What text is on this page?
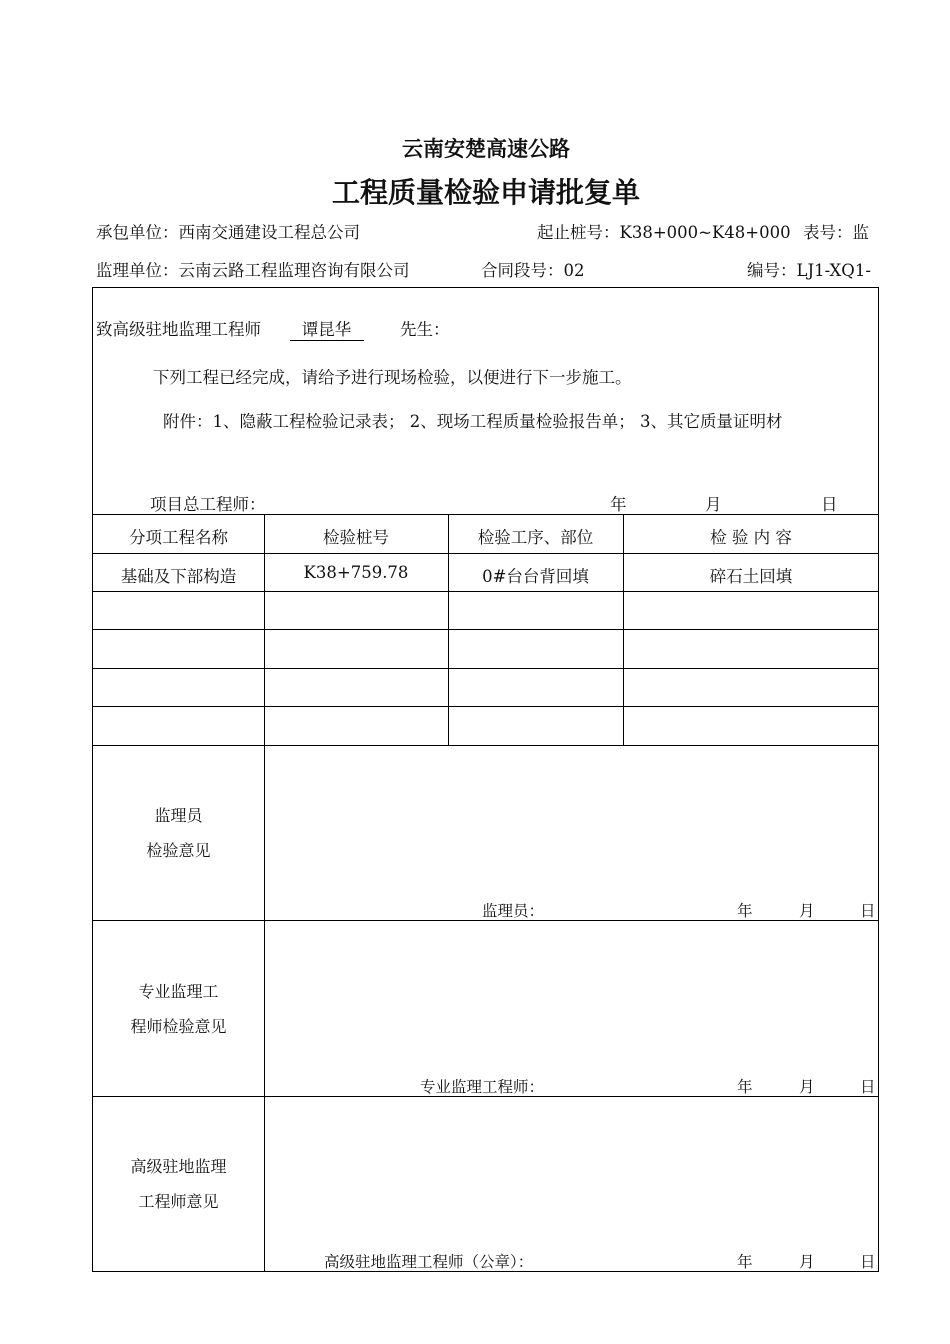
云南安楚高速公路
工程质量检验申请批复单
承包单位：西南交通建设工程总公司	起止桩号：K38+000~K48+000 表号：监
监理单位：云南云路工程监理咨询有限公司	合同段号：02	编号：LJ1-XQ1-
致高级驻地监理工程师 谭昆华	先生：
下列工程已经完成，请给予进行现场检验，以便进行下一步施工。
附件：1、隐蔽工程检验记录表； 2、现场工程质量检验报告单； 3、其它质量证明材
项目总工程师：	年	月	日
分项工程名称	检验桩号	检验工序、部位	检 验 内 容
基础及下部构造	K38+759.78	0#台台背回填	碎石土回填
监理员
检验意见
监理员：	年	月	日
专业监理工
程师检验意见
专业监理工程师：	年	月	日
高级驻地监理
工程师意见
高级驻地监理工程师（公章）：	年	月	日
